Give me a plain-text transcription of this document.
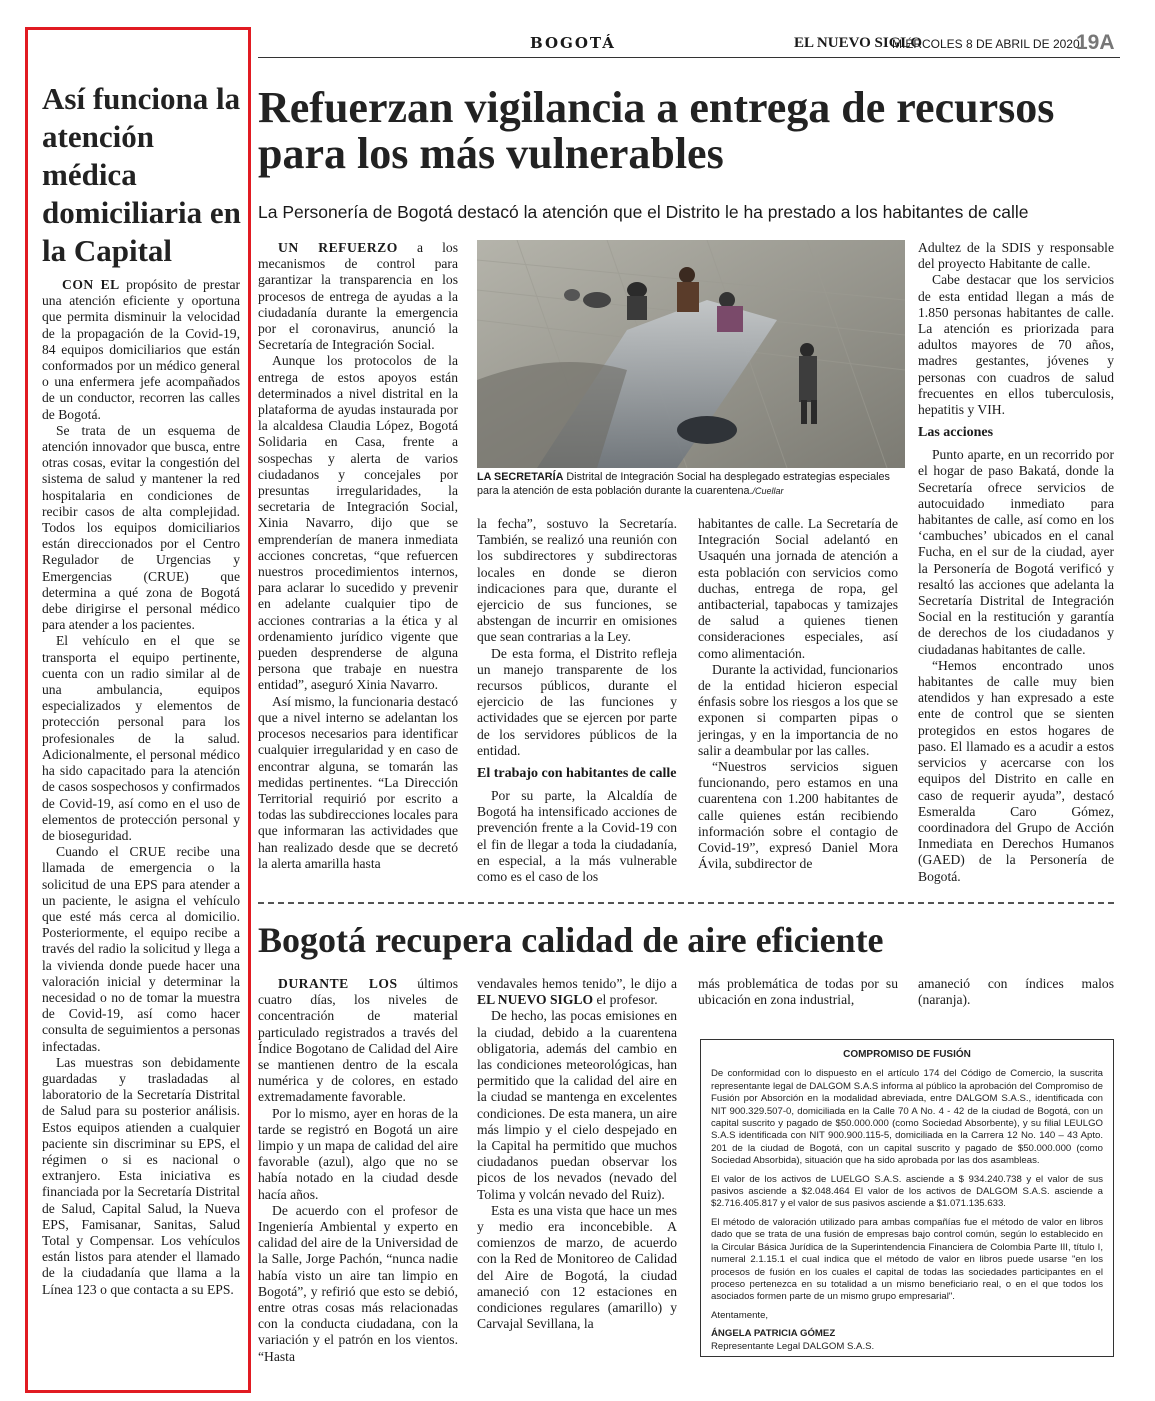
BOGOTÁ	EL NUEVO SIGLO
MIÉRCOLES 8 DE ABRIL DE 2020
19A
Así funciona la atención médica domiciliaria en la Capital

CON EL propósito de prestar una atención eficiente y oportuna que permita disminuir la velocidad de la propagación de la Covid-19, 84 equipos domiciliarios que están conformados por un médico general o una enfermera jefe acompañados de un conductor, recorren las calles de Bogotá.

Se trata de un esquema de atención innovador que busca, entre otras cosas, evitar la congestión del sistema de salud y mantener la red hospitalaria en condiciones de recibir casos de alta complejidad. Todos los equipos domiciliarios están direccionados por el Centro Regulador de Urgencias y Emergencias (CRUE) que determina a qué zona de Bogotá debe dirigirse el personal médico para atender a los pacientes.

El vehículo en el que se transporta el equipo pertinente, cuenta con un radio similar al de una ambulancia, equipos especializados y elementos de protección personal para los profesionales de la salud. Adicionalmente, el personal médico ha sido capacitado para la atención de casos sospechosos y confirmados de Covid-19, así como en el uso de elementos de protección personal y de bioseguridad.

Cuando el CRUE recibe una llamada de emergencia o la solicitud de una EPS para atender a un paciente, le asigna el vehículo que esté más cerca al domicilio. Posteriormente, el equipo recibe a través del radio la solicitud y llega a la vivienda donde puede hacer una valoración inicial y determinar la necesidad o no de tomar la muestra de Covid-19, así como hacer consulta de seguimientos a personas infectadas.

Las muestras son debidamente guardadas y trasladadas al laboratorio de la Secretaría Distrital de Salud para su posterior análisis. Estos equipos atienden a cualquier paciente sin discriminar su EPS, el régimen o si es nacional o extranjero. Esta iniciativa es financiada por la Secretaría Distrital de Salud, Capital Salud, la Nueva EPS, Famisanar, Sanitas, Salud Total y Compensar. Los vehículos están listos para atender el llamado de la ciudadanía que llama a la Línea 123 o que contacta a su EPS.

Refuerzan vigilancia a entrega de recursos para los más vulnerables
La Personería de Bogotá destacó la atención que el Distrito le ha prestado a los habitantes de calle

UN REFUERZO a los mecanismos de control para garantizar la transparencia en los procesos de entrega de ayudas a la ciudadanía durante la emergencia por el coronavirus, anunció la Secretaría de Integración Social.

Aunque los protocolos de la entrega de estos apoyos están determinados a nivel distrital en la plataforma de ayudas instaurada por la alcaldesa Claudia López, Bogotá Solidaria en Casa, frente a sospechas y alerta de varios ciudadanos y concejales por presuntas irregularidades, la secretaria de Integración Social, Xinia Navarro, dijo que se emprenderían de manera inmediata acciones concretas, “que refuercen nuestros procedimientos internos, para aclarar lo sucedido y prevenir en adelante cualquier tipo de acciones contrarias a la ética y al ordenamiento jurídico vigente que pueden desprenderse de alguna persona que trabaje en nuestra entidad”, aseguró Xinia Navarro.

Así mismo, la funcionaria destacó que a nivel interno se adelantan los procesos necesarios para identificar cualquier irregularidad y en caso de encontrar alguna, se tomarán las medidas pertinentes. “La Dirección Territorial requirió por escrito a todas las subdirecciones locales para que informaran las actividades que han realizado desde que se decretó la alerta amarilla hasta

LA SECRETARÍA Distrital de Integración Social ha desplegado estrategias especiales para la atención de esta población durante la cuarentena./Cuellar

la fecha”, sostuvo la Secretaría. También, se realizó una reunión con los subdirectores y subdirectoras locales en donde se dieron indicaciones para que, durante el ejercicio de sus funciones, se abstengan de incurrir en omisiones que sean contrarias a la Ley.

De esta forma, el Distrito refleja un manejo transparente de los recursos públicos, durante el ejercicio de las funciones y actividades que se ejercen por parte de los servidores públicos de la entidad.

El trabajo con habitantes de calle

Por su parte, la Alcaldía de Bogotá ha intensificado acciones de prevención frente a la Covid-19 con el fin de llegar a toda la ciudadanía, en especial, a la más vulnerable como es el caso de los

habitantes de calle. La Secretaría de Integración Social adelantó en Usaquén una jornada de atención a esta población con servicios como duchas, entrega de ropa, gel antibacterial, tapabocas y tamizajes de salud a quienes tienen consideraciones especiales, así como alimentación.

Durante la actividad, funcionarios de la entidad hicieron especial énfasis sobre los riesgos a los que se exponen si comparten pipas o jeringas, y en la importancia de no salir a deambular por las calles.

“Nuestros servicios siguen funcionando, pero estamos en una cuarentena con 1.200 habitantes de calle quienes están recibiendo información sobre el contagio de Covid-19”, expresó Daniel Mora Ávila, subdirector de

Adultez de la SDIS y responsable del proyecto Habitante de calle.

Cabe destacar que los servicios de esta entidad llegan a más de 1.850 personas habitantes de calle. La atención es priorizada para adultos mayores de 70 años, madres gestantes, jóvenes y personas con cuadros de salud frecuentes en ellos tuberculosis, hepatitis y VIH.

Las acciones

Punto aparte, en un recorrido por el hogar de paso Bakatá, donde la Secretaría ofrece servicios de autocuidado inmediato para habitantes de calle, así como en los ‘cambuches’ ubicados en el canal Fucha, en el sur de la ciudad, ayer la Personería de Bogotá verificó y resaltó las acciones que adelanta la Secretaría Distrital de Integración Social en la restitución y garantía de derechos de los ciudadanos y ciudadanas habitantes de calle.

“Hemos encontrado unos habitantes de calle muy bien atendidos y han expresado a este ente de control que se sienten protegidos en estos hogares de paso. El llamado es a acudir a estos servicios y acercarse con los equipos del Distrito en calle en caso de requerir ayuda”, destacó Esmeralda Caro Gómez, coordinadora del Grupo de Acción Inmediata en Derechos Humanos (GAED) de la Personería de Bogotá.

Bogotá recupera calidad de aire eficiente

DURANTE LOS últimos cuatro días, los niveles de concentración de material particulado registrados a través del Índice Bogotano de Calidad del Aire se mantienen dentro de la escala numérica y de colores, en estado extremadamente favorable.

Por lo mismo, ayer en horas de la tarde se registró en Bogotá un aire limpio y un mapa de calidad del aire favorable (azul), algo que no se había notado en la ciudad desde hacía años.

De acuerdo con el profesor de Ingeniería Ambiental y experto en calidad del aire de la Universidad de la Salle, Jorge Pachón, “nunca nadie había visto un aire tan limpio en Bogotá”, y refirió que esto se debió, entre otras cosas más relacionadas con la conducta ciudadana, con la variación y el patrón en los vientos. “Hasta

vendavales hemos tenido”, le dijo a EL NUEVO SIGLO el profesor.

De hecho, las pocas emisiones en la ciudad, debido a la cuarentena obligatoria, además del cambio en las condiciones meteorológicas, han permitido que la calidad del aire en la ciudad se mantenga en excelentes condiciones. De esta manera, un aire más limpio y el cielo despejado en la Capital ha permitido que muchos ciudadanos puedan observar los picos de los nevados (nevado del Tolima y volcán nevado del Ruiz).

Esta es una vista que hace un mes y medio era inconcebible. A comienzos de marzo, de acuerdo con la Red de Monitoreo de Calidad del Aire de Bogotá, la ciudad amaneció con 12 estaciones en condiciones regulares (amarillo) y Carvajal Sevillana, la

más problemática de todas por su ubicación en zona industrial,

amaneció con índices malos (naranja).

COMPROMISO DE FUSIÓN

De conformidad con lo dispuesto en el artículo 174 del Código de Comercio, la suscrita representante legal de DALGOM S.A.S informa al público la aprobación del Compromiso de Fusión por Absorción en la modalidad abreviada, entre DALGOM S.A.S., identificada con NIT 900.329.507-0, domiciliada en la Calle 70 A No. 4 - 42 de la ciudad de Bogotá, con un capital suscrito y pagado de $50.000.000 (como Sociedad Absorbente), y su filial LEULGO S.A.S identificada con NIT 900.900.115-5, domiciliada en la Carrera 12 No. 140 – 43 Apto. 201 de la ciudad de Bogotá, con un capital suscrito y pagado de $50.000.000 (como Sociedad Absorbida), situación que ha sido aprobada por las dos asambleas.

El valor de los activos de LUELGO S.A.S. asciende a $ 934.240.738 y el valor de sus pasivos asciende a $2.048.464 El valor de los activos de DALGOM S.A.S. asciende a $2.716.405.817 y el valor de sus pasivos asciende a $1.071.135.633.

El método de valoración utilizado para ambas compañías fue el método de valor en libros dado que se trata de una fusión de empresas bajo control común, según lo establecido en la Circular Básica Jurídica de la Superintendencia Financiera de Colombia Parte III, título I, numeral 2.1.15.1 el cual indica que el método de valor en libros puede usarse "en los procesos de fusión en los cuales el capital de todas las sociedades participantes en el proceso pertenezca en su totalidad a un mismo beneficiario real, o en el que todos los asociados formen parte de un mismo grupo empresarial".

Atentamente,

ÁNGELA PATRICIA GÓMEZ

Representante Legal DALGOM S.A.S.
